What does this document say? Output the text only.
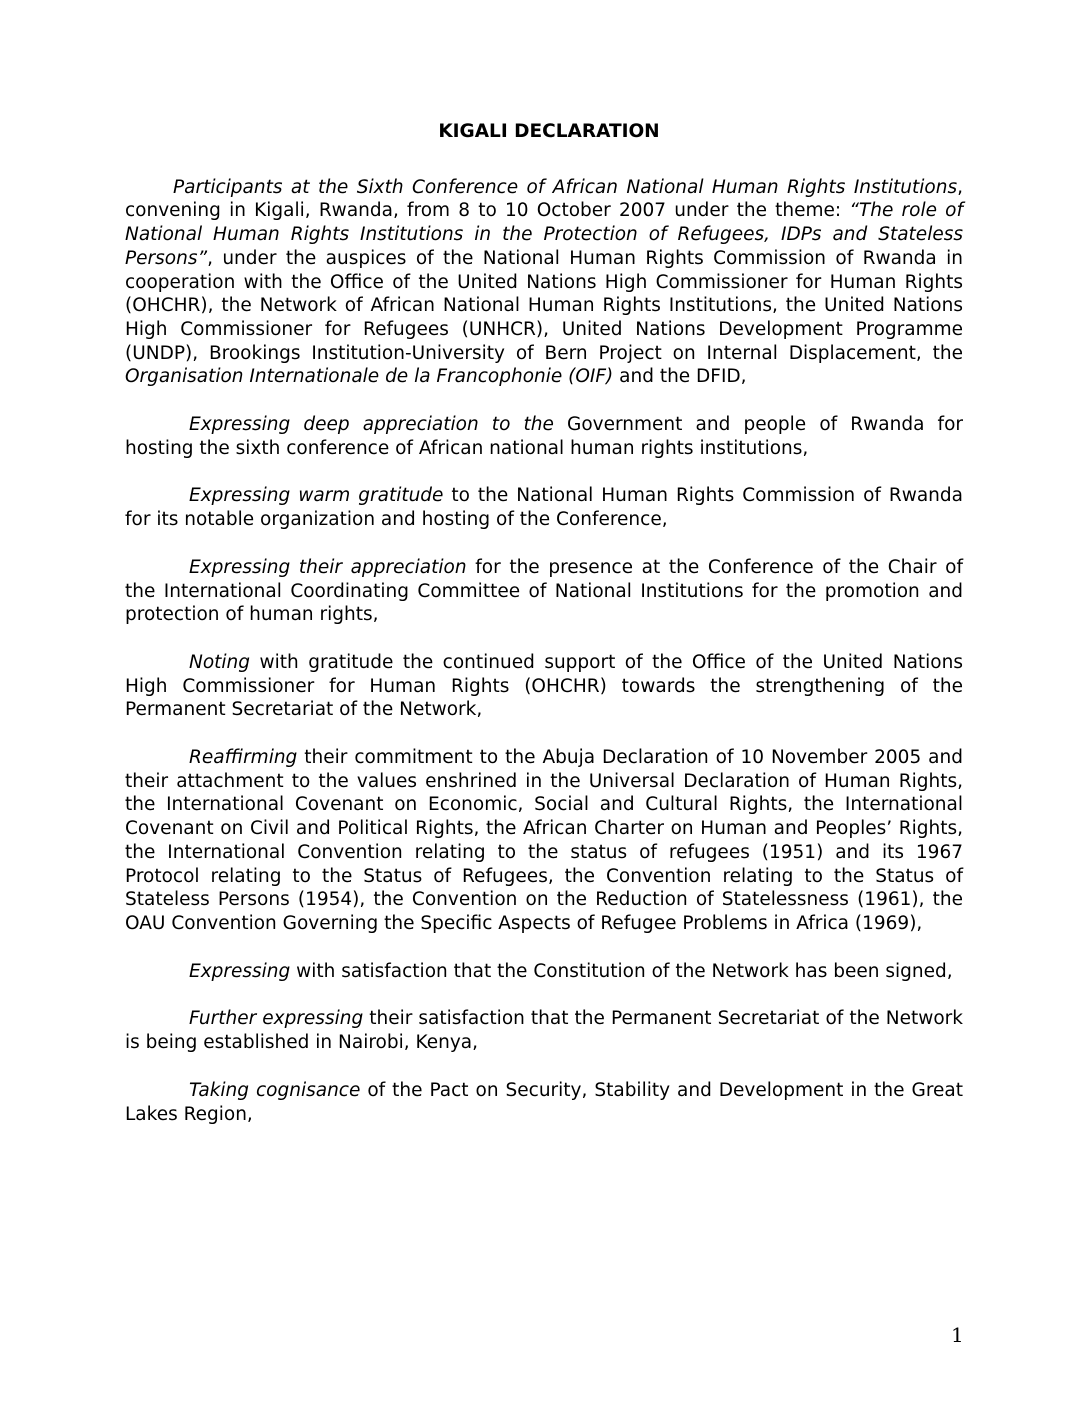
KIGALI DECLARATION

Participants at the Sixth Conference of African National Human Rights Institutions, convening in Kigali, Rwanda, from 8 to 10 October 2007 under the theme: “The role of National Human Rights Institutions in the Protection of Refugees, IDPs and Stateless Persons”, under the auspices of the National Human Rights Commission of Rwanda in cooperation with the Office of the United Nations High Commissioner for Human Rights (OHCHR), the Network of African National Human Rights Institutions, the United Nations High Commissioner for Refugees (UNHCR), United Nations Development Programme (UNDP), Brookings Institution-University of Bern Project on Internal Displacement, the Organisation Internationale de la Francophonie (OIF) and the DFID,

Expressing deep appreciation to the Government and people of Rwanda for hosting the sixth conference of African national human rights institutions,

Expressing warm gratitude to the National Human Rights Commission of Rwanda for its notable organization and hosting of the Conference,

Expressing their appreciation for the presence at the Conference of the Chair of the International Coordinating Committee of National Institutions for the promotion and protection of human rights,

Noting with gratitude the continued support of the Office of the United Nations High Commissioner for Human Rights (OHCHR) towards the strengthening of the Permanent Secretariat of the Network,

Reaffirming their commitment to the Abuja Declaration of 10 November 2005 and their attachment to the values enshrined in the Universal Declaration of Human Rights, the International Covenant on Economic, Social and Cultural Rights, the International Covenant on Civil and Political Rights, the African Charter on Human and Peoples’ Rights, the International Convention relating to the status of refugees (1951) and its 1967 Protocol relating to the Status of Refugees, the Convention relating to the Status of Stateless Persons (1954), the Convention on the Reduction of Statelessness (1961), the OAU Convention Governing the Specific Aspects of Refugee Problems in Africa (1969),

Expressing with satisfaction that the Constitution of the Network has been signed,

Further expressing their satisfaction that the Permanent Secretariat of the Network is being established in Nairobi, Kenya,

Taking cognisance of the Pact on Security, Stability and Development in the Great Lakes Region,

1
